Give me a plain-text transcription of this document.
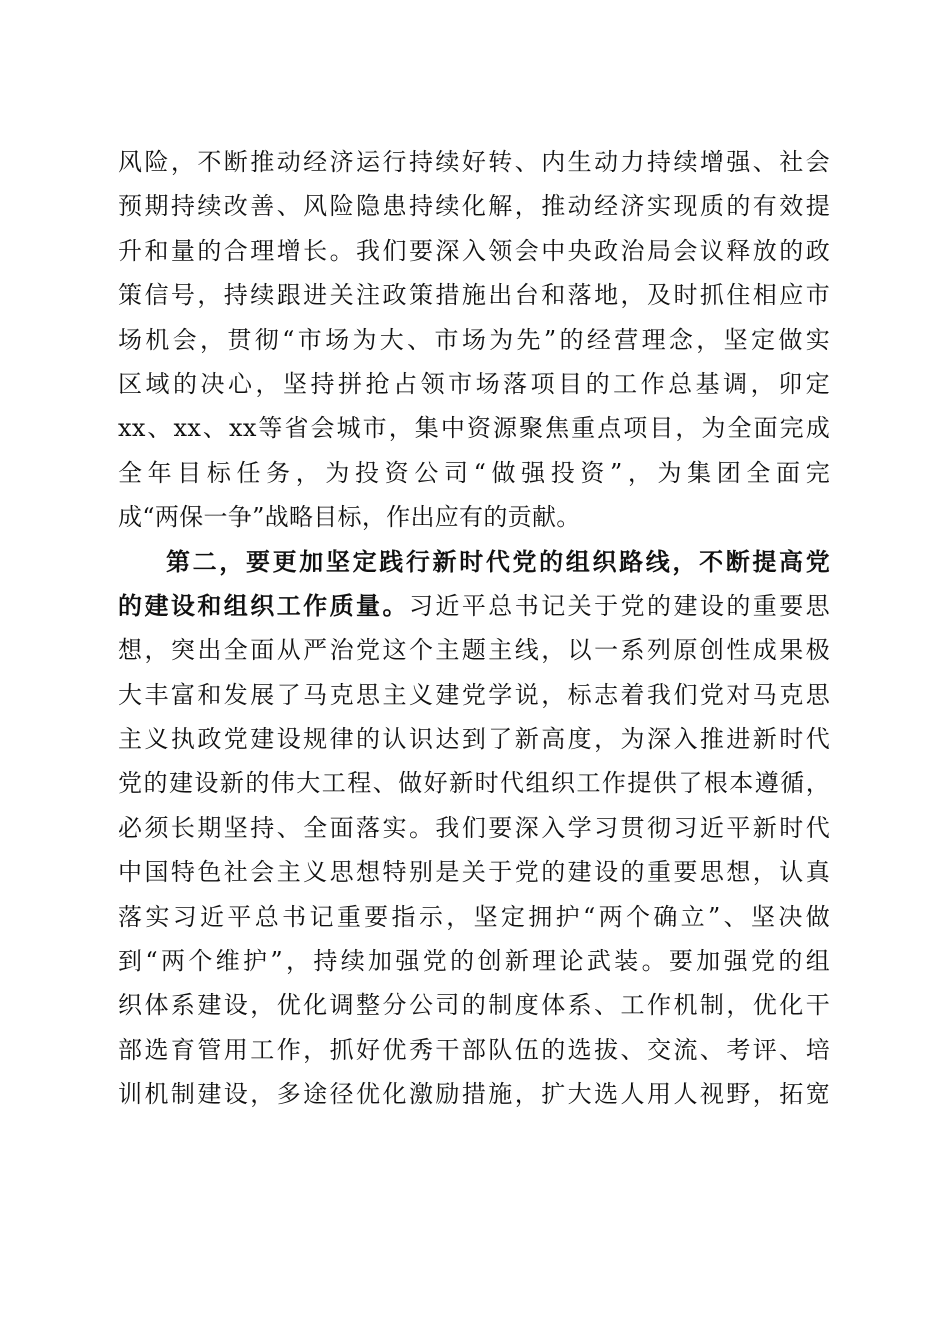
风险，不断推动经济运行持续好转、内生动力持续增强、社会
预期持续改善、风险隐患持续化解，推动经济实现质的有效提
升和量的合理增长。我们要深入领会中央政治局会议释放的政
策信号，持续跟进关注政策措施出台和落地，及时抓住相应市
场机会，贯彻“市场为大、市场为先”的经营理念，坚定做实
区域的决心，坚持拼抢占领市场落项目的工作总基调，卯定
xx、xx、xx等省会城市，集中资源聚焦重点项目，为全面完成
全年目标任务，为投资公司“做强投资”，为集团全面完
成“两保一争”战略目标，作出应有的贡献。
第二，要更加坚定践行新时代党的组织路线，不断提高党
的建设和组织工作质量。习近平总书记关于党的建设的重要思
想，突出全面从严治党这个主题主线，以一系列原创性成果极
大丰富和发展了马克思主义建党学说，标志着我们党对马克思
主义执政党建设规律的认识达到了新高度，为深入推进新时代
党的建设新的伟大工程、做好新时代组织工作提供了根本遵循，
必须长期坚持、全面落实。我们要深入学习贯彻习近平新时代
中国特色社会主义思想特别是关于党的建设的重要思想，认真
落实习近平总书记重要指示，坚定拥护“两个确立”、坚决做
到“两个维护”，持续加强党的创新理论武装。要加强党的组
织体系建设，优化调整分公司的制度体系、工作机制，优化干
部选育管用工作，抓好优秀干部队伍的选拔、交流、考评、培
训机制建设，多途径优化激励措施，扩大选人用人视野，拓宽
